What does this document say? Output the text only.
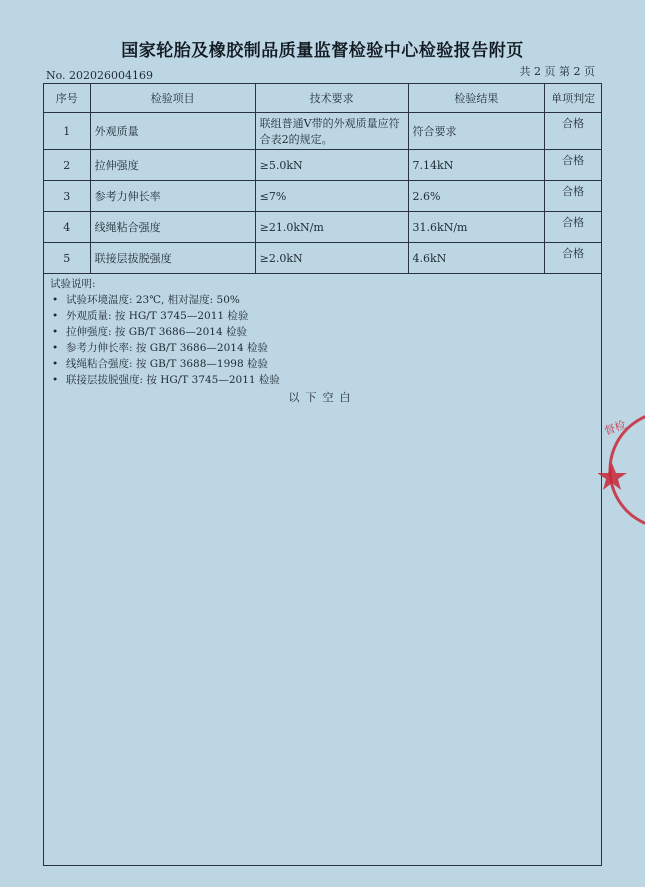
国家轮胎及橡胶制品质量监督检验中心检验报告附页
No. 202026004169	共 2 页 第 2 页
序号	检验项目	技术要求	检验结果	单项判定
1	外观质量	联组普通V带的外观质量应符合表2的规定。	符合要求	合格
2	拉伸强度	≥5.0kN	7.14kN	合格
3	参考力伸长率	≤7%	2.6%	合格
4	线绳粘合强度	≥21.0kN/m	31.6kN/m	合格
5	联接层拔脱强度	≥2.0kN	4.6kN	合格
试验说明:
• 试验环境温度: 23℃, 相对湿度: 50%
• 外观质量: 按 HG/T 3745—2011 检验
• 拉伸强度: 按 GB/T 3686—2014 检验
• 参考力伸长率: 按 GB/T 3686—2014 检验
• 线绳粘合强度: 按 GB/T 3688—1998 检验
• 联接层拔脱强度: 按 HG/T 3745—2011 检验
以下空白
督检
